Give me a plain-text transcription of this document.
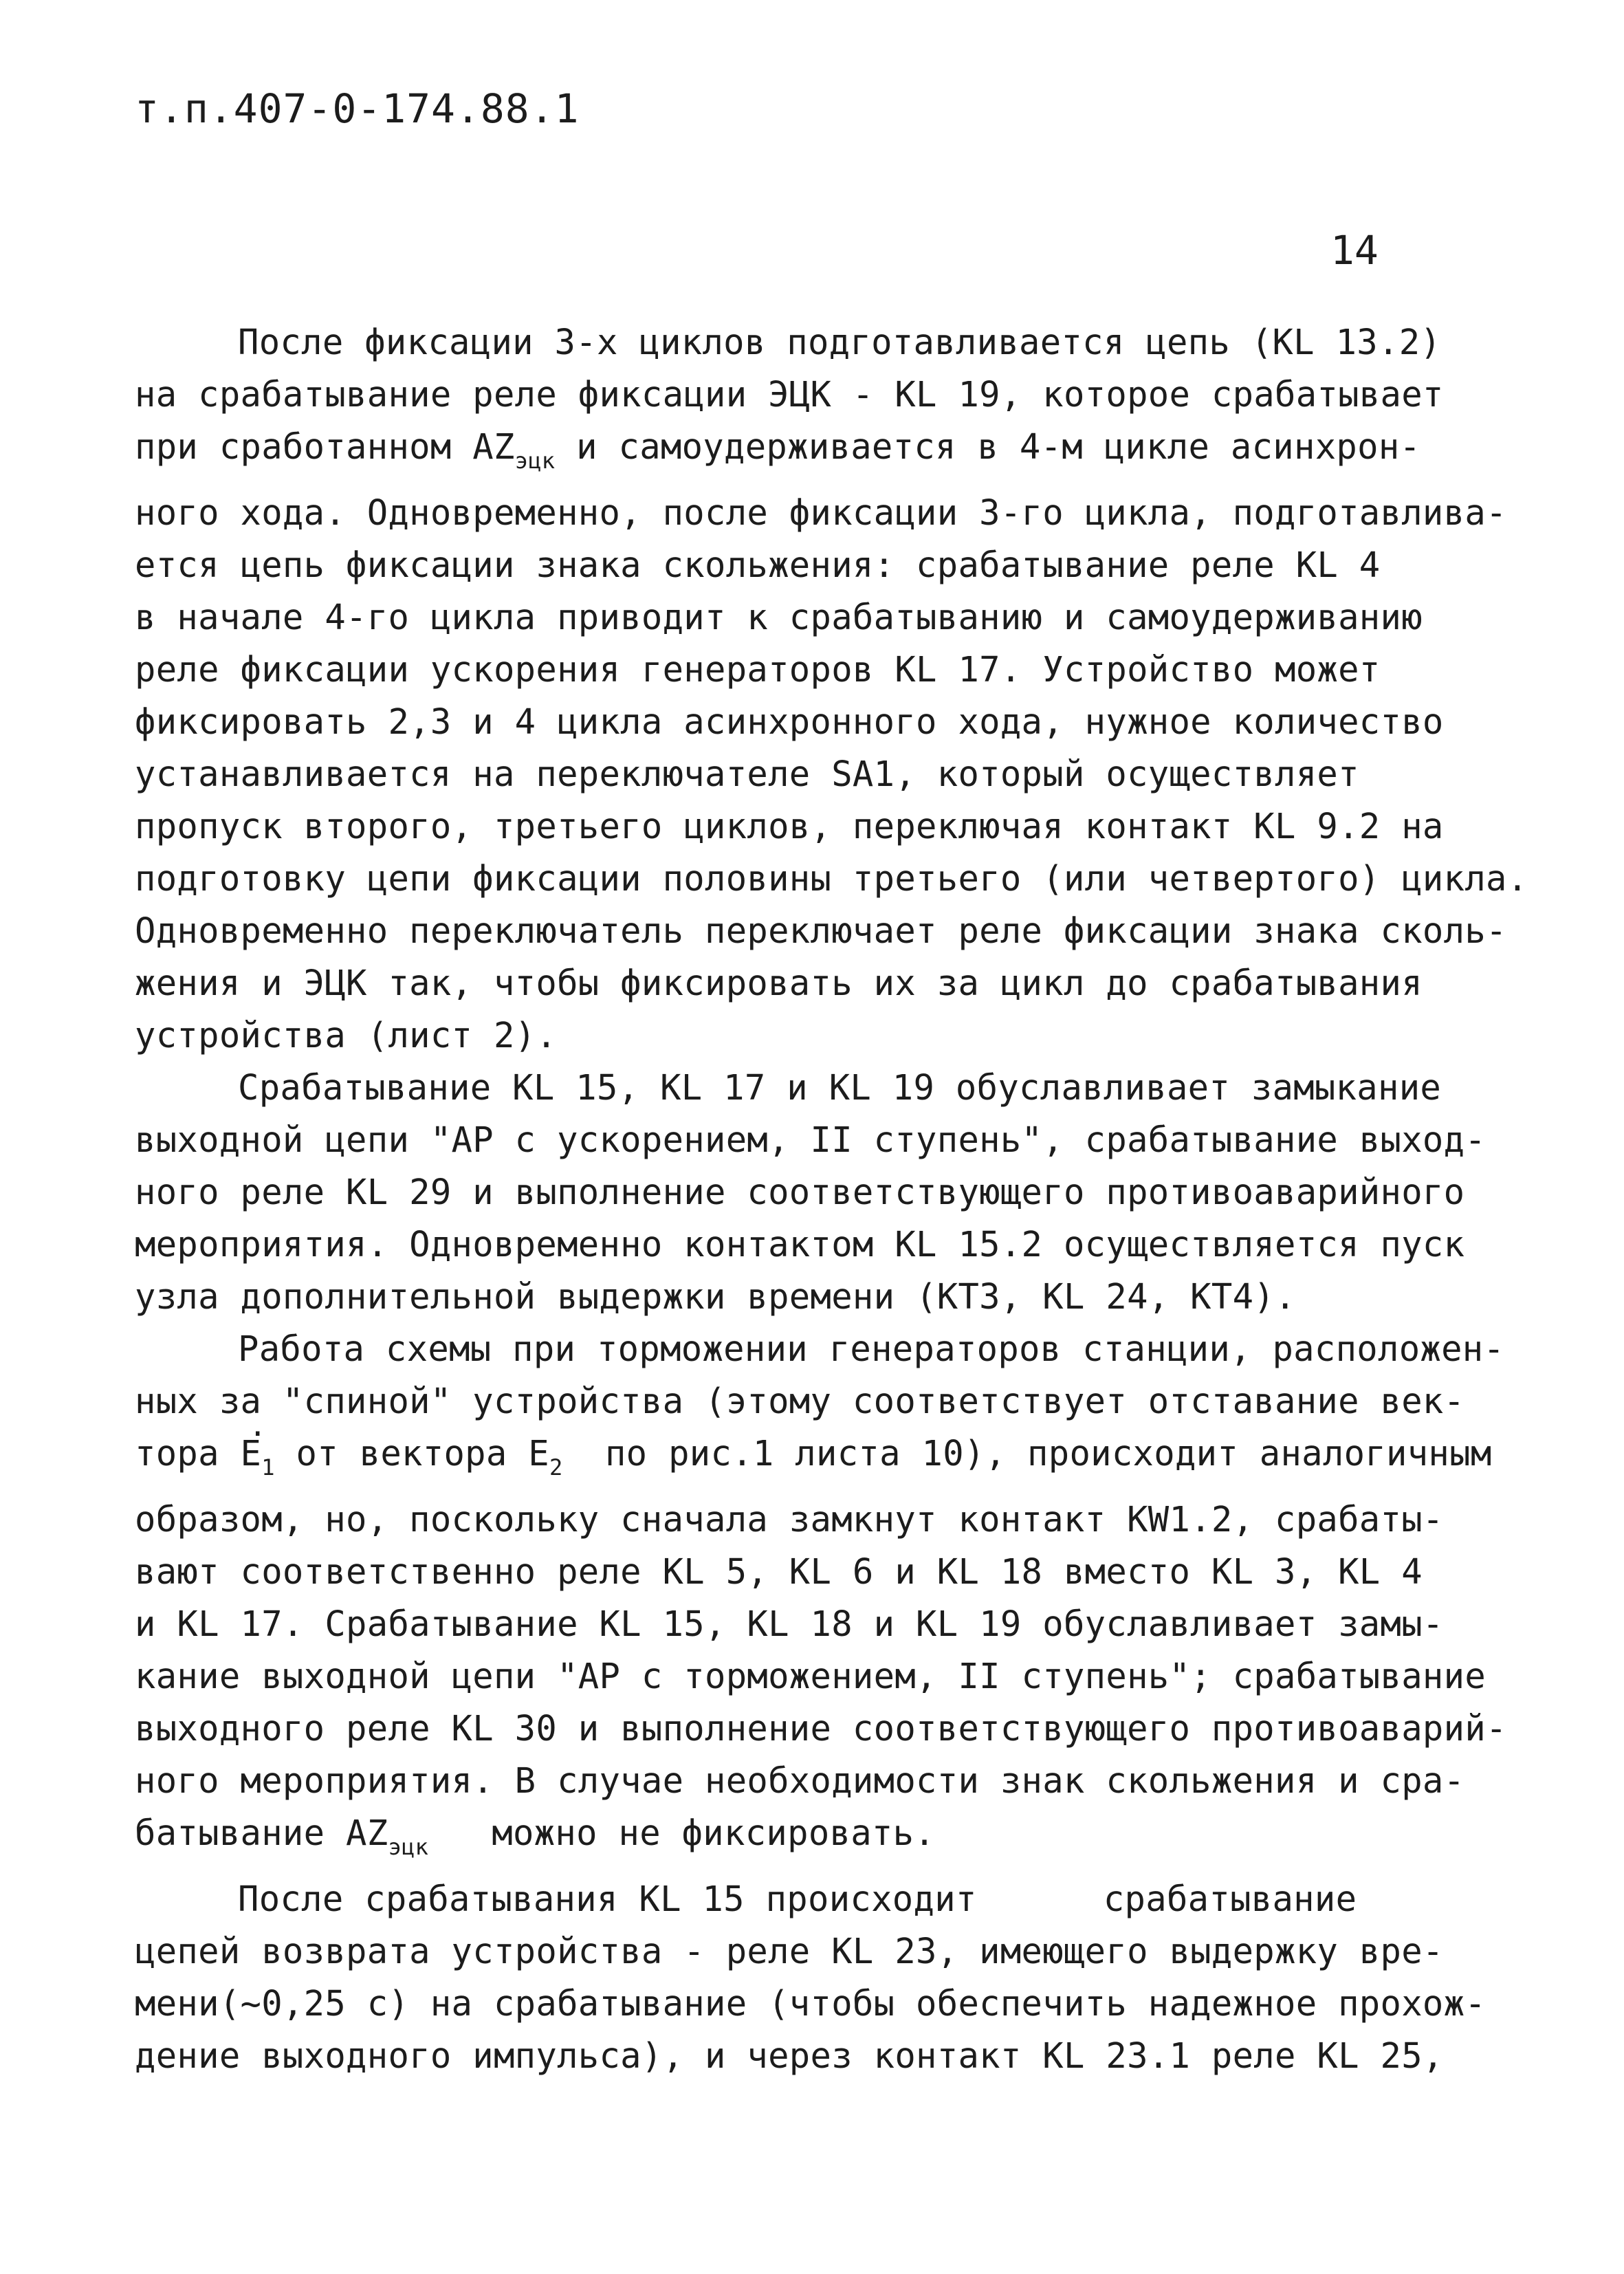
т.п.407-0-174.88.1
14
После фиксации 3-х циклов подготавливается цепь (KL 13.2)
на срабатывание реле фиксации ЭЦК - KL 19, которое срабатывает
при сработанном $AZ_{эцк}$ и самоудерживается в 4-м цикле асинхрон-
ного хода. Одновременно, после фиксации 3-го цикла, подготавлива-
ется цепь фиксации знака скольжения: срабатывание реле KL 4
в начале 4-го цикла приводит к срабатыванию и самоудерживанию
реле фиксации ускорения генераторов KL 17. Устройство может
фиксировать 2,3 и 4 цикла асинхронного хода, нужное количество
устанавливается на переключателе SA1, который осуществляет
пропуск второго, третьего циклов, переключая контакт KL 9.2 на
подготовку цепи фиксации половины третьего (или четвертого) цикла.
Одновременно переключатель переключает реле фиксации знака сколь-
жения и ЭЦК так, чтобы фиксировать их за цикл до срабатывания
устройства (лист 2).
Срабатывание KL 15, KL 17 и KL 19 обуславливает замыкание
выходной цепи "АР с ускорением, II ступень", срабатывание выход-
ного реле KL 29 и выполнение соответствующего противоаварийного
мероприятия. Одновременно контактом KL 15.2 осуществляется пуск
узла дополнительной выдержки времени (КТ3, KL 24, КТ4).
Работа схемы при торможении генераторов станции, расположен-
ных за "спиной" устройства (этому соответствует отставание век-
тора · $E_1$ от вектора $E_2$  по рис.1 листа 10), происходит аналогичным
образом, но, поскольку сначала замкнут контакт KW1.2, срабаты-
вают соответственно реле KL 5, KL 6 и KL 18 вместо KL 3, KL 4
и KL 17. Срабатывание KL 15, KL 18 и KL 19 обуславливает замы-
кание выходной цепи "АР с торможением, II ступень"; срабатывание
выходного реле KL 30 и выполнение соответствующего противоаварий-
ного мероприятия. В случае необходимости знак скольжения и сра-
батывание $AZ_{эцк}$   можно не фиксировать.
После срабатывания KL 15 происходит      срабатывание
цепей возврата устройства - реле KL 23, имеющего выдержку вре-
мени(~0,25 с) на срабатывание (чтобы обеспечить надежное прохож-
дение выходного импульса), и через контакт KL 23.1 реле KL 25,
